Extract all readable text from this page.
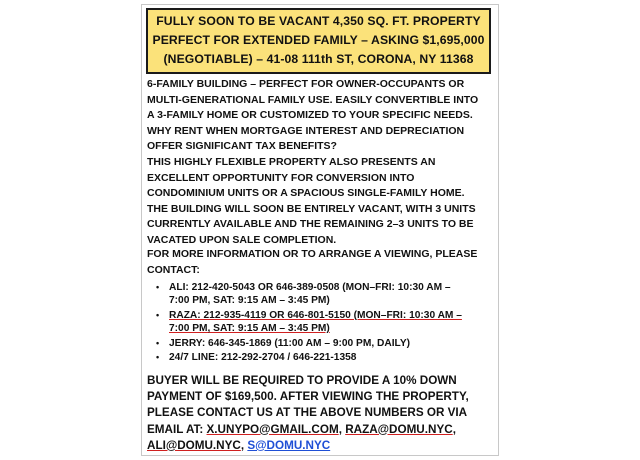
FULLY SOON TO BE VACANT 4,350 SQ. FT. PROPERTY
PERFECT FOR EXTENDED FAMILY – ASKING $1,695,000
(NEGOTIABLE) – 41-08 111th ST, CORONA, NY 11368
6-FAMILY BUILDING – PERFECT FOR OWNER-OCCUPANTS OR
MULTI-GENERATIONAL FAMILY USE. EASILY CONVERTIBLE INTO
A 3-FAMILY HOME OR CUSTOMIZED TO YOUR SPECIFIC NEEDS.
WHY RENT WHEN MORTGAGE INTEREST AND DEPRECIATION
OFFER SIGNIFICANT TAX BENEFITS?
THIS HIGHLY FLEXIBLE PROPERTY ALSO PRESENTS AN
EXCELLENT OPPORTUNITY FOR CONVERSION INTO
CONDOMINIUM UNITS OR A SPACIOUS SINGLE-FAMILY HOME.
THE BUILDING WILL SOON BE ENTIRELY VACANT, WITH 3 UNITS
CURRENTLY AVAILABLE AND THE REMAINING 2–3 UNITS TO BE
VACATED UPON SALE COMPLETION.
FOR MORE INFORMATION OR TO ARRANGE A VIEWING, PLEASE
CONTACT:
• ALI: 212-420-5043 OR 646-389-0508 (MON–FRI: 10:30 AM –
7:00 PM, SAT: 9:15 AM – 3:45 PM)
• RAZA: 212-935-4119 OR 646-801-5150 (MON–FRI: 10:30 AM –
7:00 PM, SAT: 9:15 AM – 3:45 PM)
• JERRY: 646-345-1869 (11:00 AM – 9:00 PM, DAILY)
• 24/7 LINE: 212-292-2704 / 646-221-1358
BUYER WILL BE REQUIRED TO PROVIDE A 10% DOWN
PAYMENT OF $169,500. AFTER VIEWING THE PROPERTY,
PLEASE CONTACT US AT THE ABOVE NUMBERS OR VIA
EMAIL AT: X.UNYPO@GMAIL.COM, RAZA@DOMU.NYC,
ALI@DOMU.NYC, S@DOMU.NYC
